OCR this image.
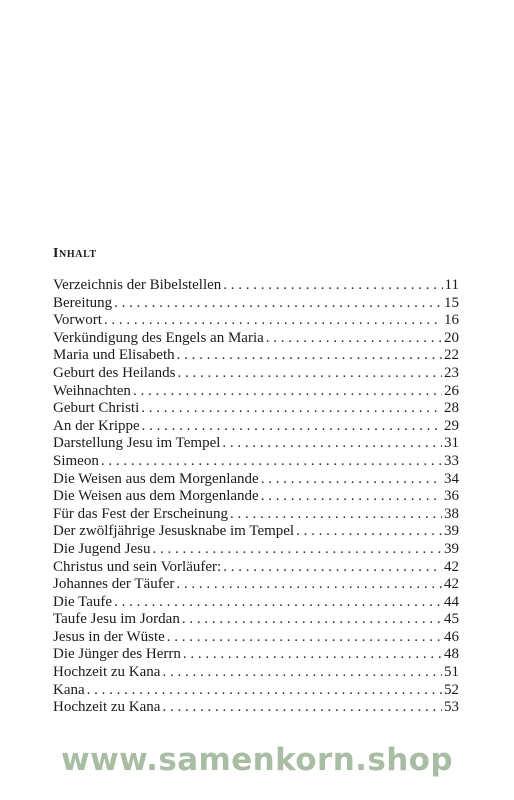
Inhalt
Verzeichnis der Bibelstellen . . .	11
Bereitung . . .	15
Vorwort . . .	16
Verkündigung des Engels an Maria . . .	20
Maria und Elisabeth . . .	22
Geburt des Heilands . . .	23
Weihnachten . . .	26
Geburt Christi . . .	28
An der Krippe . . .	29
Darstellung Jesu im Tempel . . .	31
Simeon . . .	33
Die Weisen aus dem Morgenlande . . .	34
Die Weisen aus dem Morgenlande . . .	36
Für das Fest der Erscheinung . . .	38
Der zwölfjährige Jesusknabe im Tempel . . .	39
Die Jugend Jesu . . .	39
Christus und sein Vorläufer: . . .	42
Johannes der Täufer . . .	42
Die Taufe . . .	44
Taufe Jesu im Jordan . . .	45
Jesus in der Wüste . . .	46
Die Jünger des Herrn . . .	48
Hochzeit zu Kana . . .	51
Kana . . .	52
Hochzeit zu Kana . . .	53
www.samenkorn.shop
